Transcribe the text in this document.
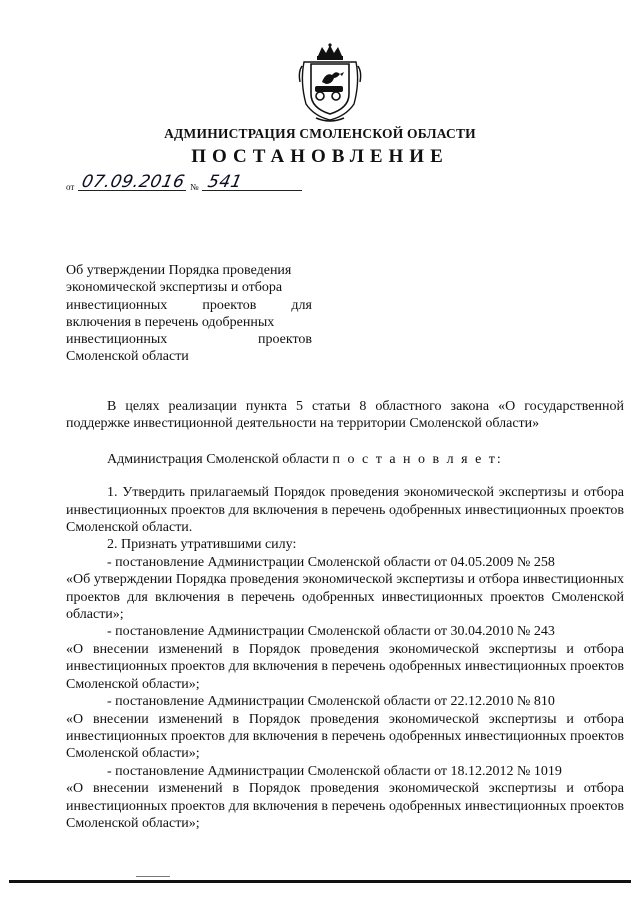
АДМИНИСТРАЦИЯ СМОЛЕНСКОЙ ОБЛАСТИ
ПОСТАНОВЛЕНИЕ
от 07.09.2016 № 541
Об утверждении Порядка проведения
экономической экспертизы и отбора
инвестиционных	проектов	для
включения в перечень одобренных
инвестиционных	проектов
Смоленской области

В целях реализации пункта 5 статьи 8 областного закона «О государственной поддержке инвестиционной деятельности на территории Смоленской области»

Администрация Смоленской области п о с т а н о в л я е т:

1. Утвердить прилагаемый Порядок проведения экономической экспертизы и отбора инвестиционных проектов для включения в перечень одобренных инвестиционных проектов Смоленской области.

2. Признать утратившими силу:

- постановление Администрации Смоленской области от 04.05.2009 № 258

«Об утверждении Порядка проведения экономической экспертизы и отбора инвестиционных проектов для включения в перечень одобренных инвестиционных проектов Смоленской области»;

- постановление Администрации Смоленской области от 30.04.2010 № 243

«О внесении изменений в Порядок проведения экономической экспертизы и отбора инвестиционных проектов для включения в перечень одобренных инвестиционных проектов Смоленской области»;

- постановление Администрации Смоленской области от 22.12.2010 № 810

«О внесении изменений в Порядок проведения экономической экспертизы и отбора инвестиционных проектов для включения в перечень одобренных инвестиционных проектов Смоленской области»;

- постановление Администрации Смоленской области от 18.12.2012 № 1019

«О внесении изменений в Порядок проведения экономической экспертизы и отбора инвестиционных проектов для включения в перечень одобренных инвестиционных проектов Смоленской области»;
